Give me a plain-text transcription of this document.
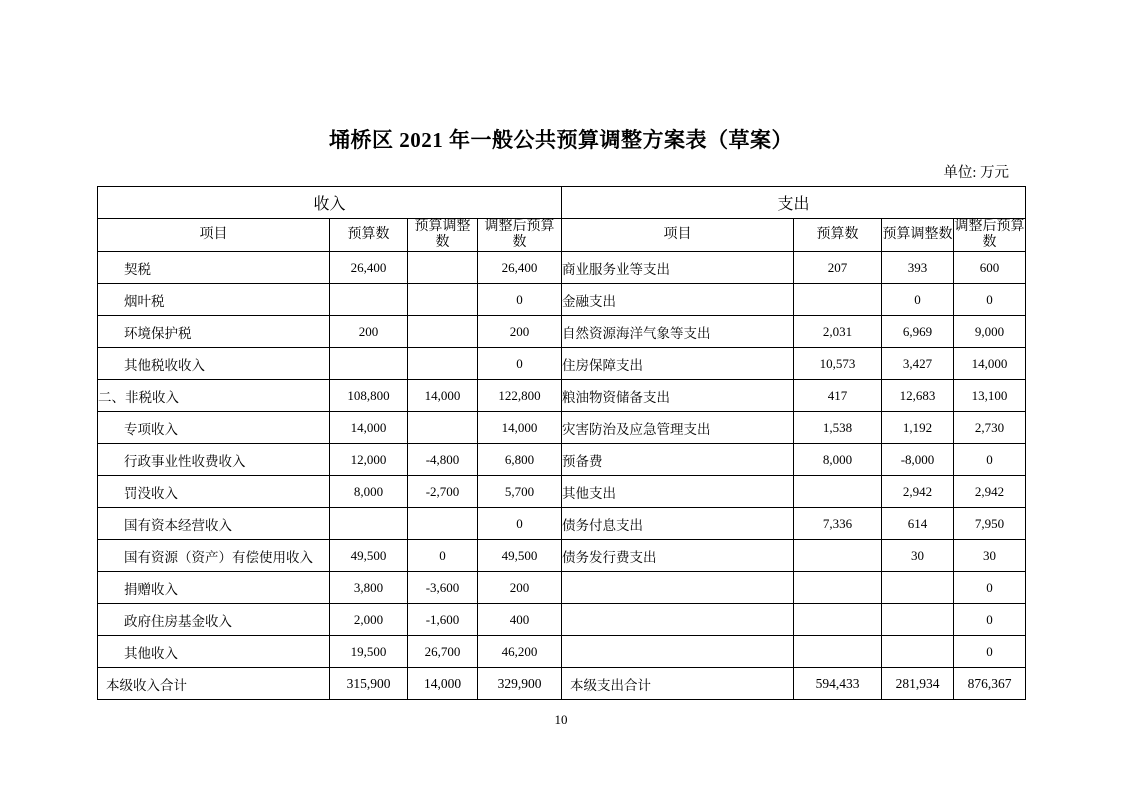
埇桥区 2021 年一般公共预算调整方案表（草案）
单位: 万元
收入				支出			
项目	预算数	预算调整数	调整后预算数	项目	预算数	预算调整数	调整后预算数
契税	26,400		26,400	商业服务业等支出	207	393	600
烟叶税			0	金融支出		0	0
环境保护税	200		200	自然资源海洋气象等支出	2,031	6,969	9,000
其他税收收入			0	住房保障支出	10,573	3,427	14,000
二、非税收入	108,800	14,000	122,800	粮油物资储备支出	417	12,683	13,100
专项收入	14,000		14,000	灾害防治及应急管理支出	1,538	1,192	2,730
行政事业性收费收入	12,000	-4,800	6,800	预备费	8,000	-8,000	0
罚没收入	8,000	-2,700	5,700	其他支出		2,942	2,942
国有资本经营收入			0	债务付息支出	7,336	614	7,950
国有资源（资产）有偿使用收入	49,500	0	49,500	债务发行费支出		30	30
捐赠收入	3,800	-3,600	200				0
政府住房基金收入	2,000	-1,600	400				0
其他收入	19,500	26,700	46,200				0
本级收入合计	315,900	14,000	329,900	本级支出合计	594,433	281,934	876,367
10
